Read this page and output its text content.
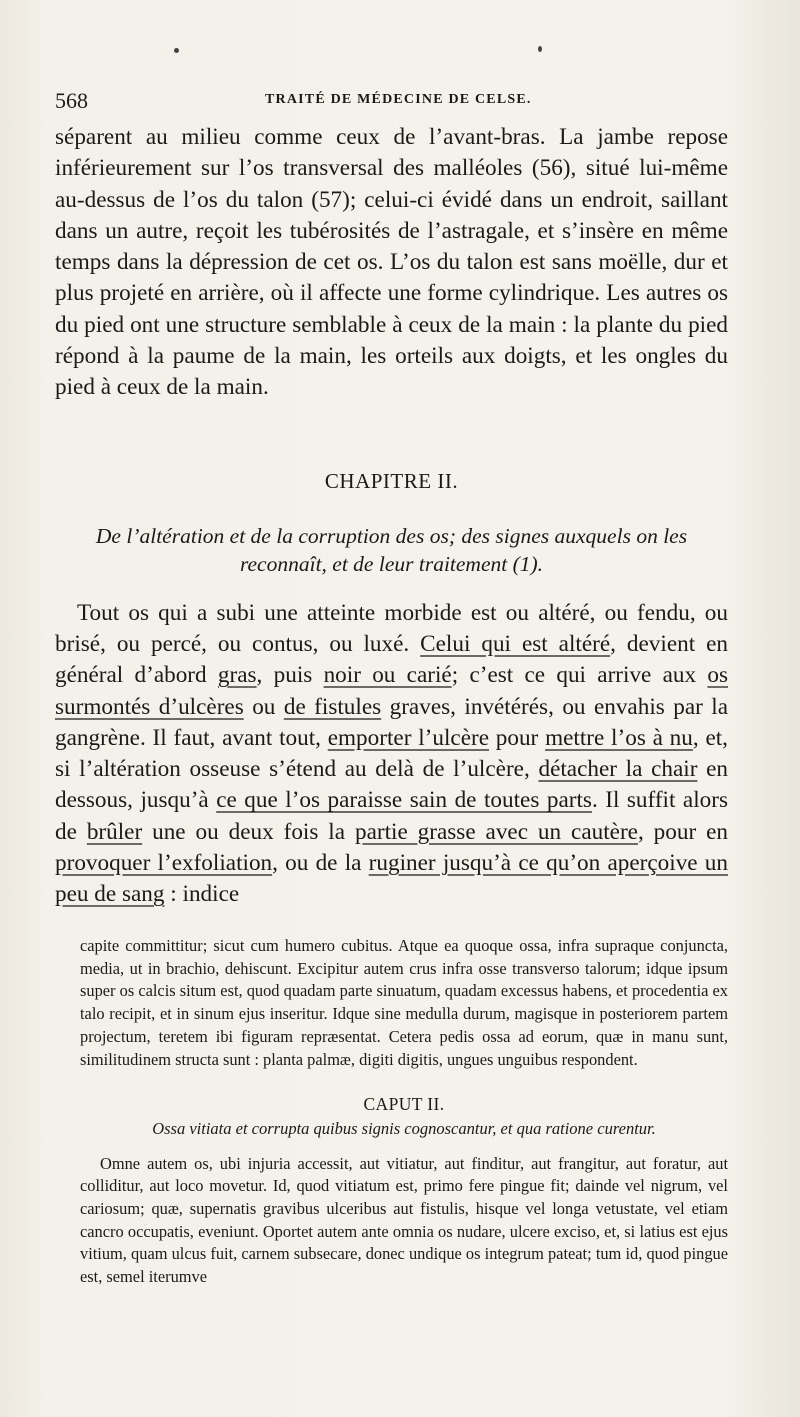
568	TRAITÉ DE MÉDECINE DE CELSE.

séparent au milieu comme ceux de l’avant-bras. La jambe repose inférieurement sur l’os transversal des malléoles (56), situé lui-même au-dessus de l’os du talon (57); celui-ci évidé dans un endroit, saillant dans un autre, reçoit les tubérosités de l’astragale, et s’insère en même temps dans la dépression de cet os. L’os du talon est sans moëlle, dur et plus projeté en arrière, où il affecte une forme cylindrique. Les autres os du pied ont une structure semblable à ceux de la main : la plante du pied répond à la paume de la main, les orteils aux doigts, et les ongles du pied à ceux de la main.

CHAPITRE II.
De l’altération et de la corruption des os; des signes auxquels on les reconnaît, et de leur traitement (1).

Tout os qui a subi une atteinte morbide est ou altéré, ou fendu, ou brisé, ou percé, ou contus, ou luxé. Celui qui est altéré, devient en général d’abord gras, puis noir ou carié; c’est ce qui arrive aux os surmontés d’ulcères ou de fistules graves, invétérés, ou envahis par la gangrène. Il faut, avant tout, emporter l’ulcère pour mettre l’os à nu, et, si l’altération osseuse s’étend au delà de l’ulcère, détacher la chair en dessous, jusqu’à ce que l’os paraisse sain de toutes parts. Il suffit alors de brûler une ou deux fois la partie grasse avec un cautère, pour en provoquer l’exfoliation, ou de la ruginer jusqu’à ce qu’on aperçoive un peu de sang : indice

capite committitur; sicut cum humero cubitus. Atque ea quoque ossa, infra supraque conjuncta, media, ut in brachio, dehiscunt. Excipitur autem crus infra osse transverso talorum; idque ipsum super os calcis situm est, quod quadam parte sinuatum, quadam excessus habens, et procedentia ex talo recipit, et in sinum ejus inseritur. Idque sine medulla durum, magisque in posteriorem partem projectum, teretem ibi figuram repræsentat. Cetera pedis ossa ad eorum, quæ in manu sunt, similitudinem structa sunt : planta palmæ, digiti digitis, ungues unguibus respondent.

CAPUT II.
Ossa vitiata et corrupta quibus signis cognoscantur, et qua ratione curentur.

Omne autem os, ubi injuria accessit, aut vitiatur, aut finditur, aut frangitur, aut foratur, aut colliditur, aut loco movetur. Id, quod vitiatum est, primo fere pingue fit; dainde vel nigrum, vel cariosum; quæ, supernatis gravibus ulceribus aut fistulis, hisque vel longa vetustate, vel etiam cancro occupatis, eveniunt. Oportet autem ante omnia os nudare, ulcere exciso, et, si latius est ejus vitium, quam ulcus fuit, carnem subsecare, donec undique os integrum pateat; tum id, quod pingue est, semel iterumve
